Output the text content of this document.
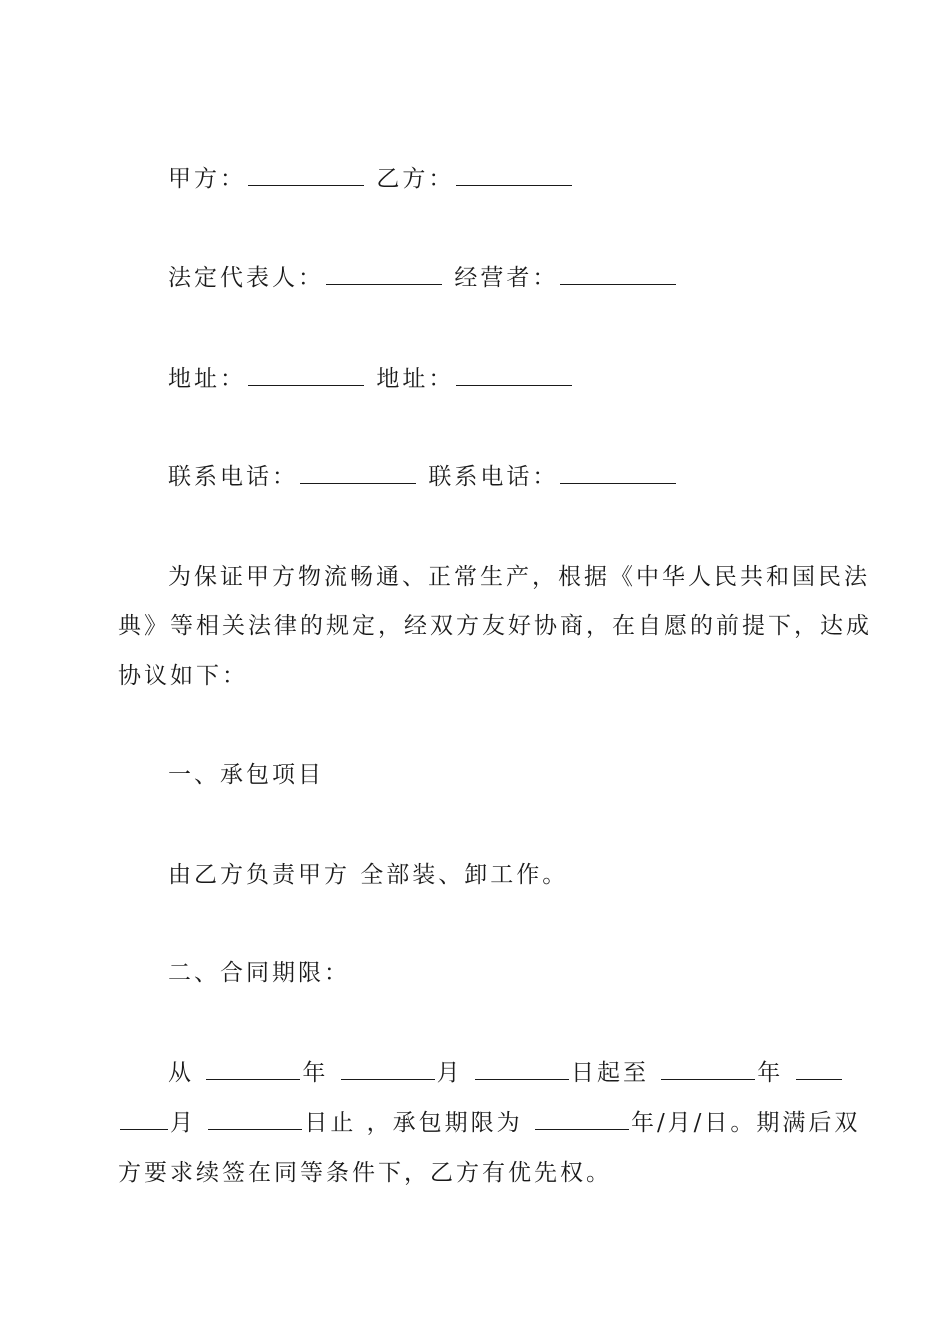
甲方：	乙方：
法定代表人：	经营者：
地址：	地址：
联系电话：	联系电话：
为保证甲方物流畅通、正常生产，根据《中华人民共和国民法
典》等相关法律的规定，经双方友好协商，在自愿的前提下，达成
协议如下：
一、承包项目
由乙方负责甲方 全部装、卸工作。
二、合同期限：
从	年	月	日起至	年
月	日止 ，承包期限为	年/月/日。期满后双
方要求续签在同等条件下，乙方有优先权。
